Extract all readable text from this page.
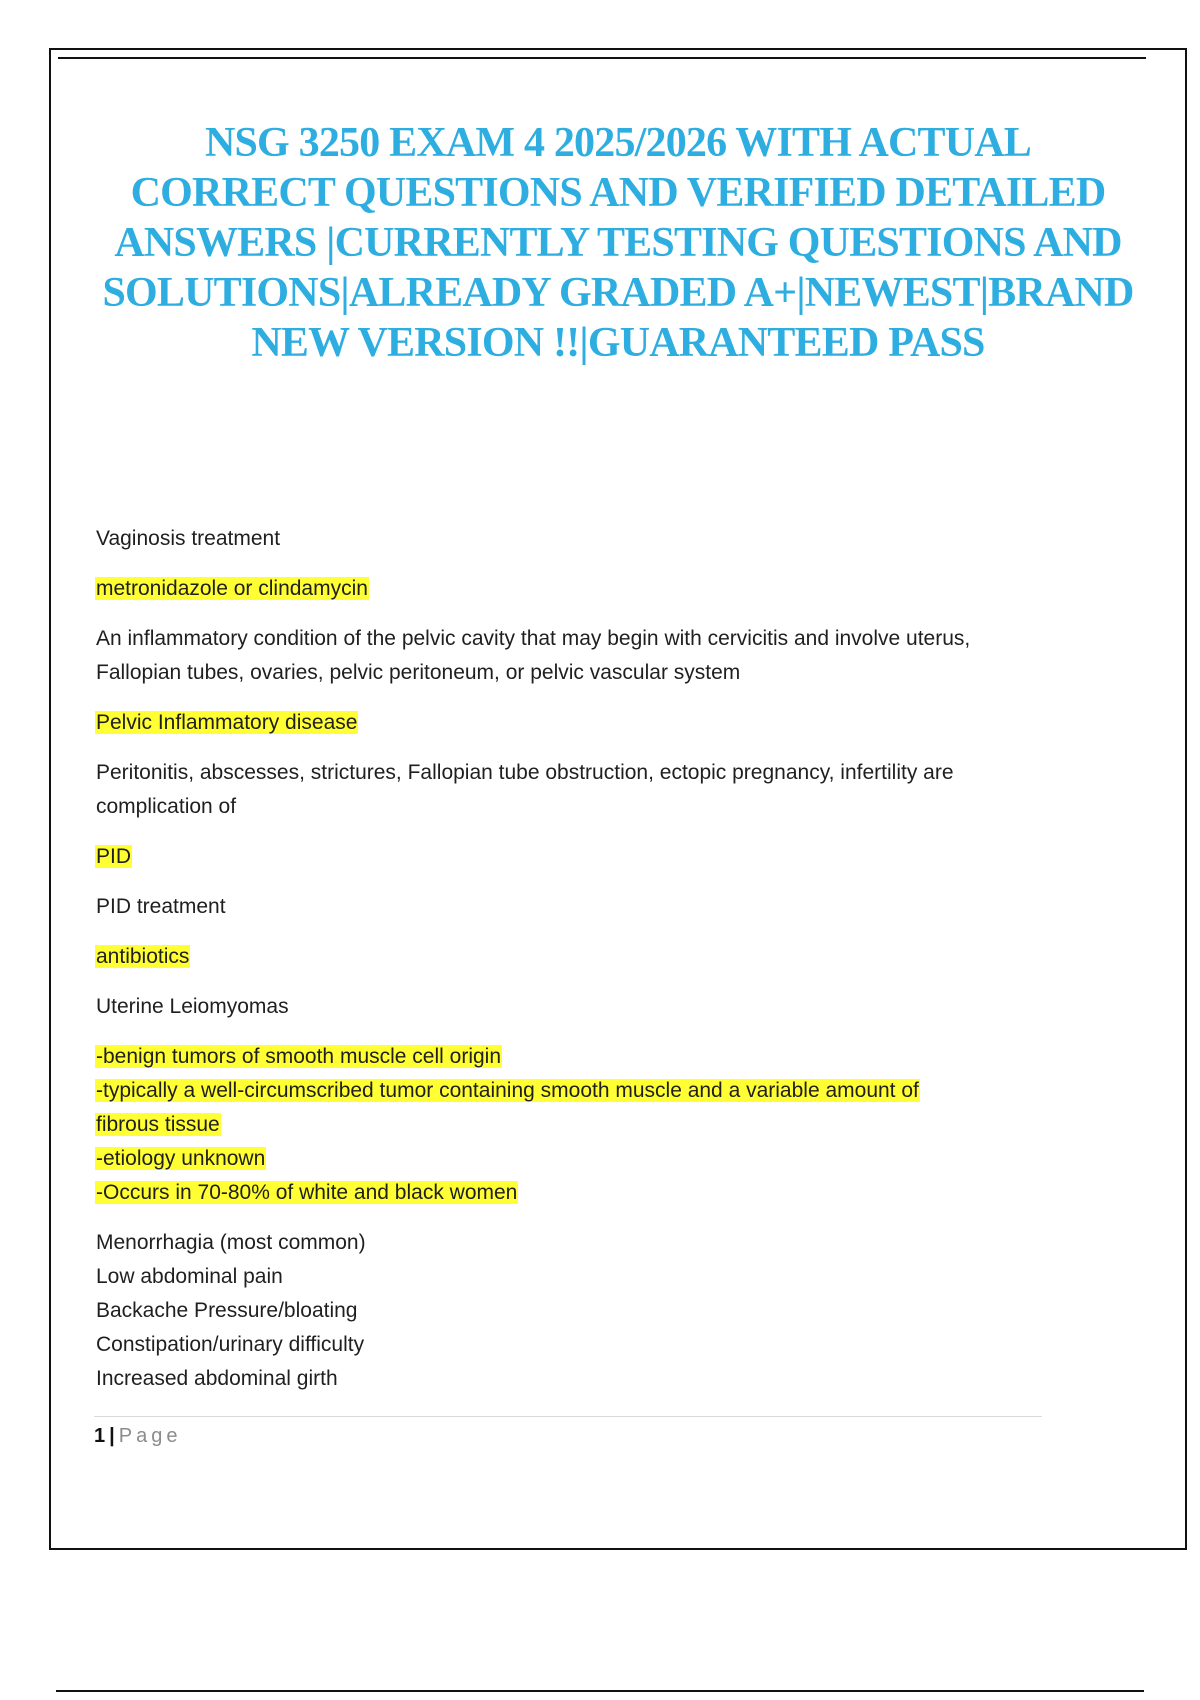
NSG 3250 EXAM 4 2025/2026 WITH ACTUAL CORRECT QUESTIONS AND VERIFIED DETAILED ANSWERS |CURRENTLY TESTING QUESTIONS AND SOLUTIONS|ALREADY GRADED A+|NEWEST|BRAND NEW VERSION !!|GUARANTEED PASS
Vaginosis treatment
metronidazole or clindamycin
An inflammatory condition of the pelvic cavity that may begin with cervicitis and involve uterus,
Fallopian tubes, ovaries, pelvic peritoneum, or pelvic vascular system
Pelvic Inflammatory disease
Peritonitis, abscesses, strictures, Fallopian tube obstruction, ectopic pregnancy, infertility are
complication of
PID
PID treatment
antibiotics
Uterine Leiomyomas
-benign tumors of smooth muscle cell origin
-typically a well-circumscribed tumor containing smooth muscle and a variable amount of
fibrous tissue
-etiology unknown
-Occurs in 70-80% of white and black women
Menorrhagia (most common)
Low abdominal pain
Backache Pressure/bloating
Constipation/urinary difficulty
Increased abdominal girth
1 | Page
